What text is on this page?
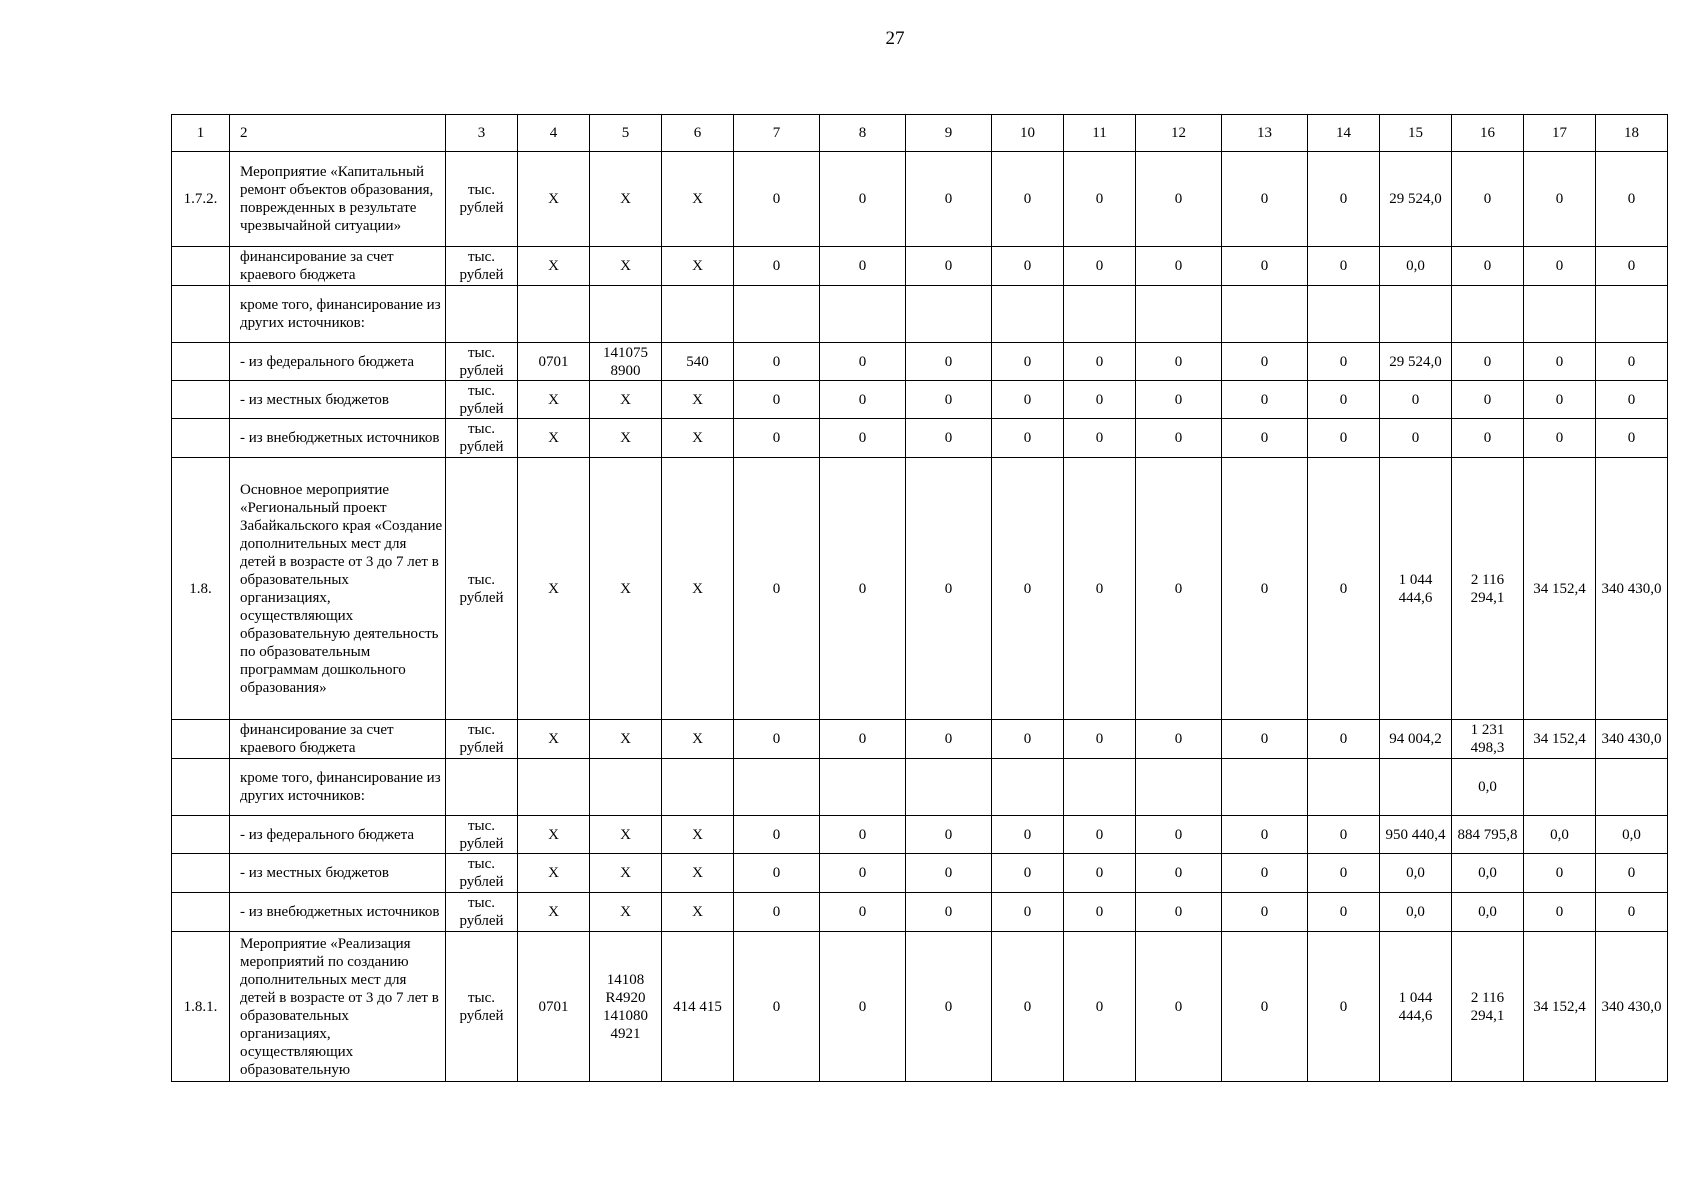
27
1	2	3	4	5	6	7	8	9	10	11	12	13	14	15	16	17	18
1.7.2.	Мероприятие «Капитальный ремонт объектов образования, поврежденных в результате чрезвычайной ситуации»	тыс. рублей	X	X	X	0	0	0	0	0	0	0	0	29 524,0	0	0	0
	финансирование за счет краевого бюджета	тыс. рублей	X	X	X	0	0	0	0	0	0	0	0	0,0	0	0	0
	кроме того, финансирование из других источников:																
	- из федерального бюджета	тыс. рублей	0701	141075 8900	540	0	0	0	0	0	0	0	0	29 524,0	0	0	0
	- из местных бюджетов	тыс. рублей	X	X	X	0	0	0	0	0	0	0	0	0	0	0	0
	- из внебюджетных источников	тыс. рублей	X	X	X	0	0	0	0	0	0	0	0	0	0	0	0
1.8.	Основное мероприятие «Региональный проект Забайкальского края «Создание дополнительных мест для детей в возрасте от 3 до 7 лет в образовательных организациях, осуществляющих образовательную деятельность по образовательным программам дошкольного образования»	тыс. рублей	X	X	X	0	0	0	0	0	0	0	0	1 044 444,6	2 116 294,1	34 152,4	340 430,0
	финансирование за счет краевого бюджета	тыс. рублей	X	X	X	0	0	0	0	0	0	0	0	94 004,2	1 231 498,3	34 152,4	340 430,0
	кроме того, финансирование из других источников:														0,0		
	- из федерального бюджета	тыс. рублей	X	X	X	0	0	0	0	0	0	0	0	950 440,4	884 795,8	0,0	0,0
	- из местных бюджетов	тыс. рублей	X	X	X	0	0	0	0	0	0	0	0	0,0	0,0	0	0
	- из внебюджетных источников	тыс. рублей	X	X	X	0	0	0	0	0	0	0	0	0,0	0,0	0	0
1.8.1.	Мероприятие «Реализация мероприятий по созданию дополнительных мест для детей в возрасте от 3 до 7 лет в образовательных организациях, осуществляющих образовательную	тыс. рублей	0701	14108 R4920 141080 4921	414 415	0	0	0	0	0	0	0	0	1 044 444,6	2 116 294,1	34 152,4	340 430,0
